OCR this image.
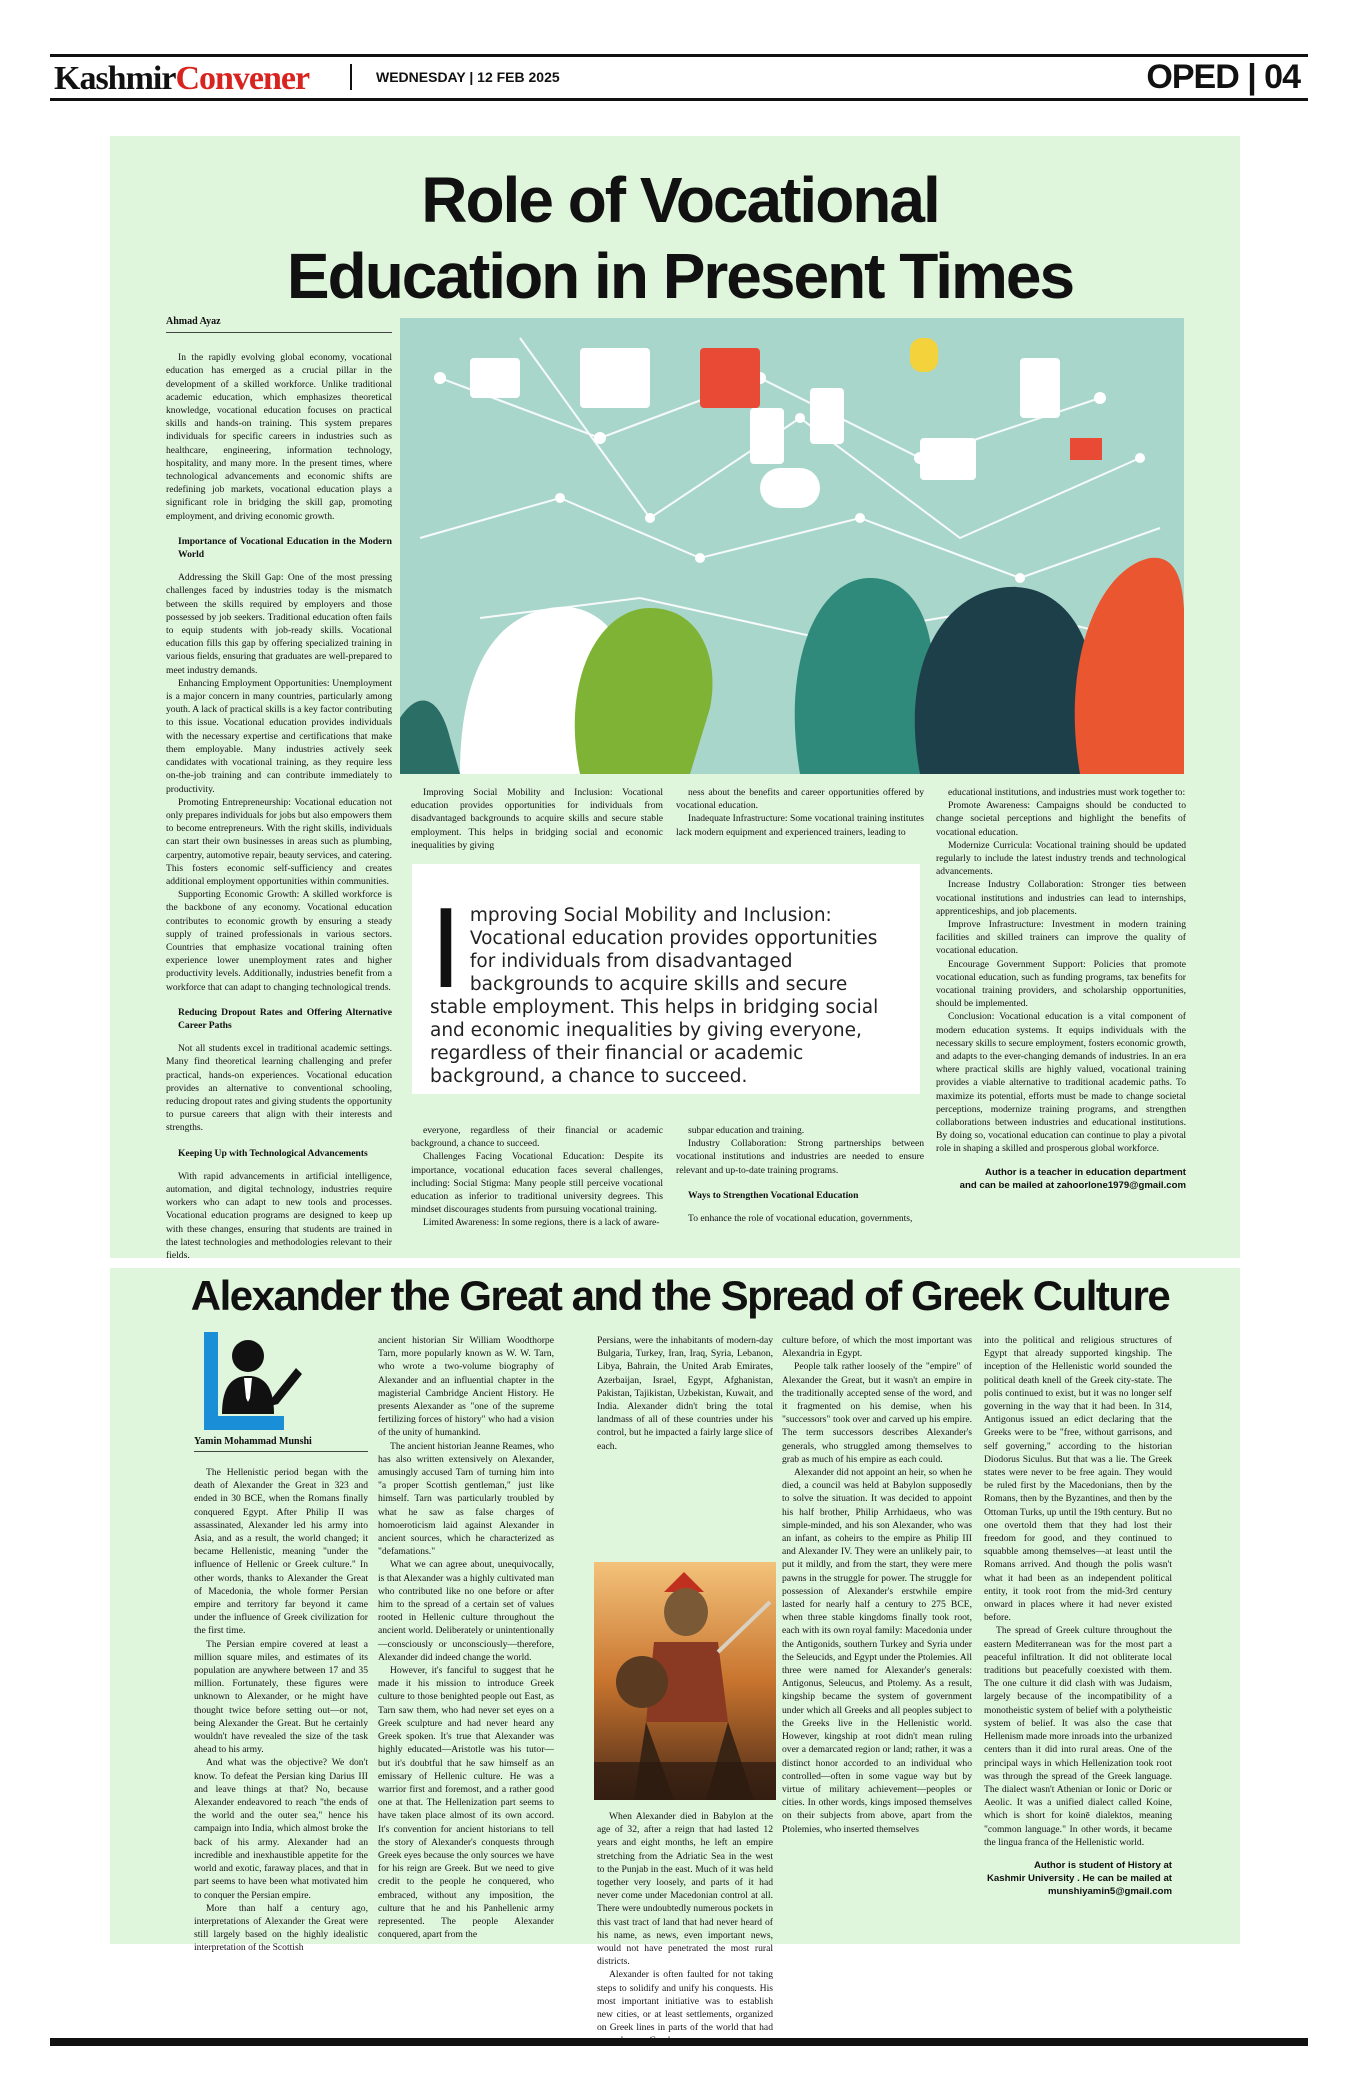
KashmirConvener	WEDNESDAY | 12 FEB 2025	OPED | 04
Role of Vocational
Education in Present Times
Ahmad Ayaz

In the rapidly evolving global economy, vocational education has emerged as a crucial pillar in the development of a skilled workforce. Unlike traditional academic education, which emphasizes theoretical knowledge, vocational education focuses on practical skills and hands-on training. This system prepares individuals for specific careers in industries such as healthcare, engineering, information technology, hospitality, and many more. In the present times, where technological advancements and economic shifts are redefining job markets, vocational education plays a significant role in bridging the skill gap, promoting employment, and driving economic growth.

Importance of Vocational Education in the Modern World

Addressing the Skill Gap: One of the most pressing challenges faced by industries today is the mismatch between the skills required by employers and those possessed by job seekers. Traditional education often fails to equip students with job-ready skills. Vocational education fills this gap by offering specialized training in various fields, ensuring that graduates are well-prepared to meet industry demands.

Enhancing Employment Opportunities: Unemployment is a major concern in many countries, particularly among youth. A lack of practical skills is a key factor contributing to this issue. Vocational education provides individuals with the necessary expertise and certifications that make them employable. Many industries actively seek candidates with vocational training, as they require less on-the-job training and can contribute immediately to productivity.

Promoting Entrepreneurship: Vocational education not only prepares individuals for jobs but also empowers them to become entrepreneurs. With the right skills, individuals can start their own businesses in areas such as plumbing, carpentry, automotive repair, beauty services, and catering. This fosters economic self-sufficiency and creates additional employment opportunities within communities.

Supporting Economic Growth: A skilled workforce is the backbone of any economy. Vocational education contributes to economic growth by ensuring a steady supply of trained professionals in various sectors. Countries that emphasize vocational training often experience lower unemployment rates and higher productivity levels. Additionally, industries benefit from a workforce that can adapt to changing technological trends.

Reducing Dropout Rates and Offering Alternative Career Paths

Not all students excel in traditional academic settings. Many find theoretical learning challenging and prefer practical, hands-on experiences. Vocational education provides an alternative to conventional schooling, reducing dropout rates and giving students the opportunity to pursue careers that align with their interests and strengths.

Keeping Up with Technological Advancements

With rapid advancements in artificial intelligence, automation, and digital technology, industries require workers who can adapt to new tools and processes. Vocational education programs are designed to keep up with these changes, ensuring that students are trained in the latest technologies and methodologies relevant to their fields.

Improving Social Mobility and Inclusion: Vocational education provides opportunities for individuals from disadvantaged backgrounds to acquire skills and secure stable employment. This helps in bridging social and economic inequalities by giving

ness about the benefits and career opportunities offered by vocational education.

Inadequate Infrastructure: Some vocational training institutes lack modern equipment and experienced trainers, leading to

Improving Social Mobility and Inclusion: Vocational education provides opportunities for individuals from disadvantaged backgrounds to acquire skills and secure stable employment. This helps in bridging social and economic inequalities by giving everyone, regardless of their financial or academic background, a chance to succeed.

everyone, regardless of their financial or academic background, a chance to succeed.

Challenges Facing Vocational Education: Despite its importance, vocational education faces several challenges, including: Social Stigma: Many people still perceive vocational education as inferior to traditional university degrees. This mindset discourages students from pursuing vocational training.

Limited Awareness: In some regions, there is a lack of aware-

subpar education and training.

Industry Collaboration: Strong partnerships between vocational institutions and industries are needed to ensure relevant and up-to-date training programs.

Ways to Strengthen Vocational Education

To enhance the role of vocational education, governments,

educational institutions, and industries must work together to:

Promote Awareness: Campaigns should be conducted to change societal perceptions and highlight the benefits of vocational education.

Modernize Curricula: Vocational training should be updated regularly to include the latest industry trends and technological advancements.

Increase Industry Collaboration: Stronger ties between vocational institutions and industries can lead to internships, apprenticeships, and job placements.

Improve Infrastructure: Investment in modern training facilities and skilled trainers can improve the quality of vocational education.

Encourage Government Support: Policies that promote vocational education, such as funding programs, tax benefits for vocational training providers, and scholarship opportunities, should be implemented.

Conclusion: Vocational education is a vital component of modern education systems. It equips individuals with the necessary skills to secure employment, fosters economic growth, and adapts to the ever-changing demands of industries. In an era where practical skills are highly valued, vocational training provides a viable alternative to traditional academic paths. To maximize its potential, efforts must be made to change societal perceptions, modernize training programs, and strengthen collaborations between industries and educational institutions. By doing so, vocational education can continue to play a pivotal role in shaping a skilled and prosperous global workforce.

Author is a teacher in education department
and can be mailed at zahoorlone1979@gmail.com
Alexander the Great and the Spread of Greek Culture
Yamin Mohammad Munshi

The Hellenistic period began with the death of Alexander the Great in 323 and ended in 30 BCE, when the Romans finally conquered Egypt. After Philip II was assassinated, Alexander led his army into Asia, and as a result, the world changed; it became Hellenistic, meaning "under the influence of Hellenic or Greek culture." In other words, thanks to Alexander the Great of Macedonia, the whole former Persian empire and territory far beyond it came under the influence of Greek civilization for the first time.

The Persian empire covered at least a million square miles, and estimates of its population are anywhere between 17 and 35 million. Fortunately, these figures were unknown to Alexander, or he might have thought twice before setting out—or not, being Alexander the Great. But he certainly wouldn't have revealed the size of the task ahead to his army.

And what was the objective? We don't know. To defeat the Persian king Darius III and leave things at that? No, because Alexander endeavored to reach "the ends of the world and the outer sea," hence his campaign into India, which almost broke the back of his army. Alexander had an incredible and inexhaustible appetite for the world and exotic, faraway places, and that in part seems to have been what motivated him to conquer the Persian empire.

More than half a century ago, interpretations of Alexander the Great were still largely based on the highly idealistic interpretation of the Scottish

ancient historian Sir William Woodthorpe Tarn, more popularly known as W. W. Tarn, who wrote a two-volume biography of Alexander and an influential chapter in the magisterial Cambridge Ancient History. He presents Alexander as "one of the supreme fertilizing forces of history" who had a vision of the unity of humankind.

The ancient historian Jeanne Reames, who has also written extensively on Alexander, amusingly accused Tarn of turning him into "a proper Scottish gentleman," just like himself. Tarn was particularly troubled by what he saw as false charges of homoeroticism laid against Alexander in ancient sources, which he characterized as "defamations."

What we can agree about, unequivocally, is that Alexander was a highly cultivated man who contributed like no one before or after him to the spread of a certain set of values rooted in Hellenic culture throughout the ancient world. Deliberately or unintentionally—consciously or unconsciously—therefore, Alexander did indeed change the world.

However, it's fanciful to suggest that he made it his mission to introduce Greek culture to those benighted people out East, as Tarn saw them, who had never set eyes on a Greek sculpture and had never heard any Greek spoken. It's true that Alexander was highly educated—Aristotle was his tutor—but it's doubtful that he saw himself as an emissary of Hellenic culture. He was a warrior first and foremost, and a rather good one at that. The Hellenization part seems to have taken place almost of its own accord. It's convention for ancient historians to tell the story of Alexander's conquests through Greek eyes because the only sources we have for his reign are Greek. But we need to give credit to the people he conquered, who embraced, without any imposition, the culture that he and his Panhellenic army represented. The people Alexander conquered, apart from the

Persians, were the inhabitants of modern-day Bulgaria, Turkey, Iran, Iraq, Syria, Lebanon, Libya, Bahrain, the United Arab Emirates, Azerbaijan, Israel, Egypt, Afghanistan, Pakistan, Tajikistan, Uzbekistan, Kuwait, and India. Alexander didn't bring the total landmass of all of these countries under his control, but he impacted a fairly large slice of each.

When Alexander died in Babylon at the age of 32, after a reign that had lasted 12 years and eight months, he left an empire stretching from the Adriatic Sea in the west to the Punjab in the east. Much of it was held together very loosely, and parts of it had never come under Macedonian control at all. There were undoubtedly numerous pockets in this vast tract of land that had never heard of his name, as news, even important news, would not have penetrated the most rural districts.

Alexander is often faulted for not taking steps to solidify and unify his conquests. His most important initiative was to establish new cities, or at least settlements, organized on Greek lines in parts of the world that had

culture before, of which the most important was Alexandria in Egypt.

People talk rather loosely of the "empire" of Alexander the Great, but it wasn't an empire in the traditionally accepted sense of the word, and it fragmented on his demise, when his "successors" took over and carved up his empire. The term successors describes Alexander's generals, who struggled among themselves to grab as much of his empire as each could.

Alexander did not appoint an heir, so when he died, a council was held at Babylon supposedly to solve the situation. It was decided to appoint his half brother, Philip Arrhidaeus, who was simple-minded, and his son Alexander, who was an infant, as coheirs to the empire as Philip III and Alexander IV. They were an unlikely pair, to put it mildly, and from the start, they were mere pawns in the struggle for power. The struggle for possession of Alexander's erstwhile empire lasted for nearly half a century to 275 BCE, when three stable kingdoms finally took root, each with its own royal family: Macedonia under the Antigonids, southern Turkey and Syria under the Seleucids, and Egypt under the Ptolemies. All three were named for Alexander's generals: Antigonus, Seleucus, and Ptolemy. As a result, kingship became the system of government under which all Greeks and all peoples subject to the Greeks live in the Hellenistic world. However, kingship at root didn't mean ruling over a demarcated region or land; rather, it was a distinct honor accorded to an individual who controlled—often in some vague way but by virtue of military achievement—peoples or cities. In other words, kings imposed themselves on their subjects from above, apart from the Ptolemies, who inserted themselves

into the political and religious structures of Egypt that already supported kingship. The inception of the Hellenistic world sounded the political death knell of the Greek city-state. The polis continued to exist, but it was no longer self governing in the way that it had been. In 314, Antigonus issued an edict declaring that the Greeks were to be "free, without garrisons, and self governing," according to the historian Diodorus Siculus. But that was a lie. The Greek states were never to be free again. They would be ruled first by the Macedonians, then by the Romans, then by the Byzantines, and then by the Ottoman Turks, up until the 19th century. But no one overtold them that they had lost their freedom for good, and they continued to squabble among themselves—at least until the Romans arrived. And though the polis wasn't what it had been as an independent political entity, it took root from the mid-3rd century onward in places where it had never existed before.

The spread of Greek culture throughout the eastern Mediterranean was for the most part a peaceful infiltration. It did not obliterate local traditions but peacefully coexisted with them. The one culture it did clash with was Judaism, largely because of the incompatibility of a monotheistic system of belief with a polytheistic system of belief. It was also the case that Hellenism made more inroads into the urbanized centers than it did into rural areas. One of the principal ways in which Hellenization took root was through the spread of the Greek language. The dialect wasn't Athenian or Ionic or Doric or Aeolic. It was a unified dialect called Koine, which is short for koinē dialektos, meaning "common language." In other words, it became the lingua franca of the Hellenistic world.

Author is student of History at
Kashmir University . He can be mailed at
munshiyamin5@gmail.com
